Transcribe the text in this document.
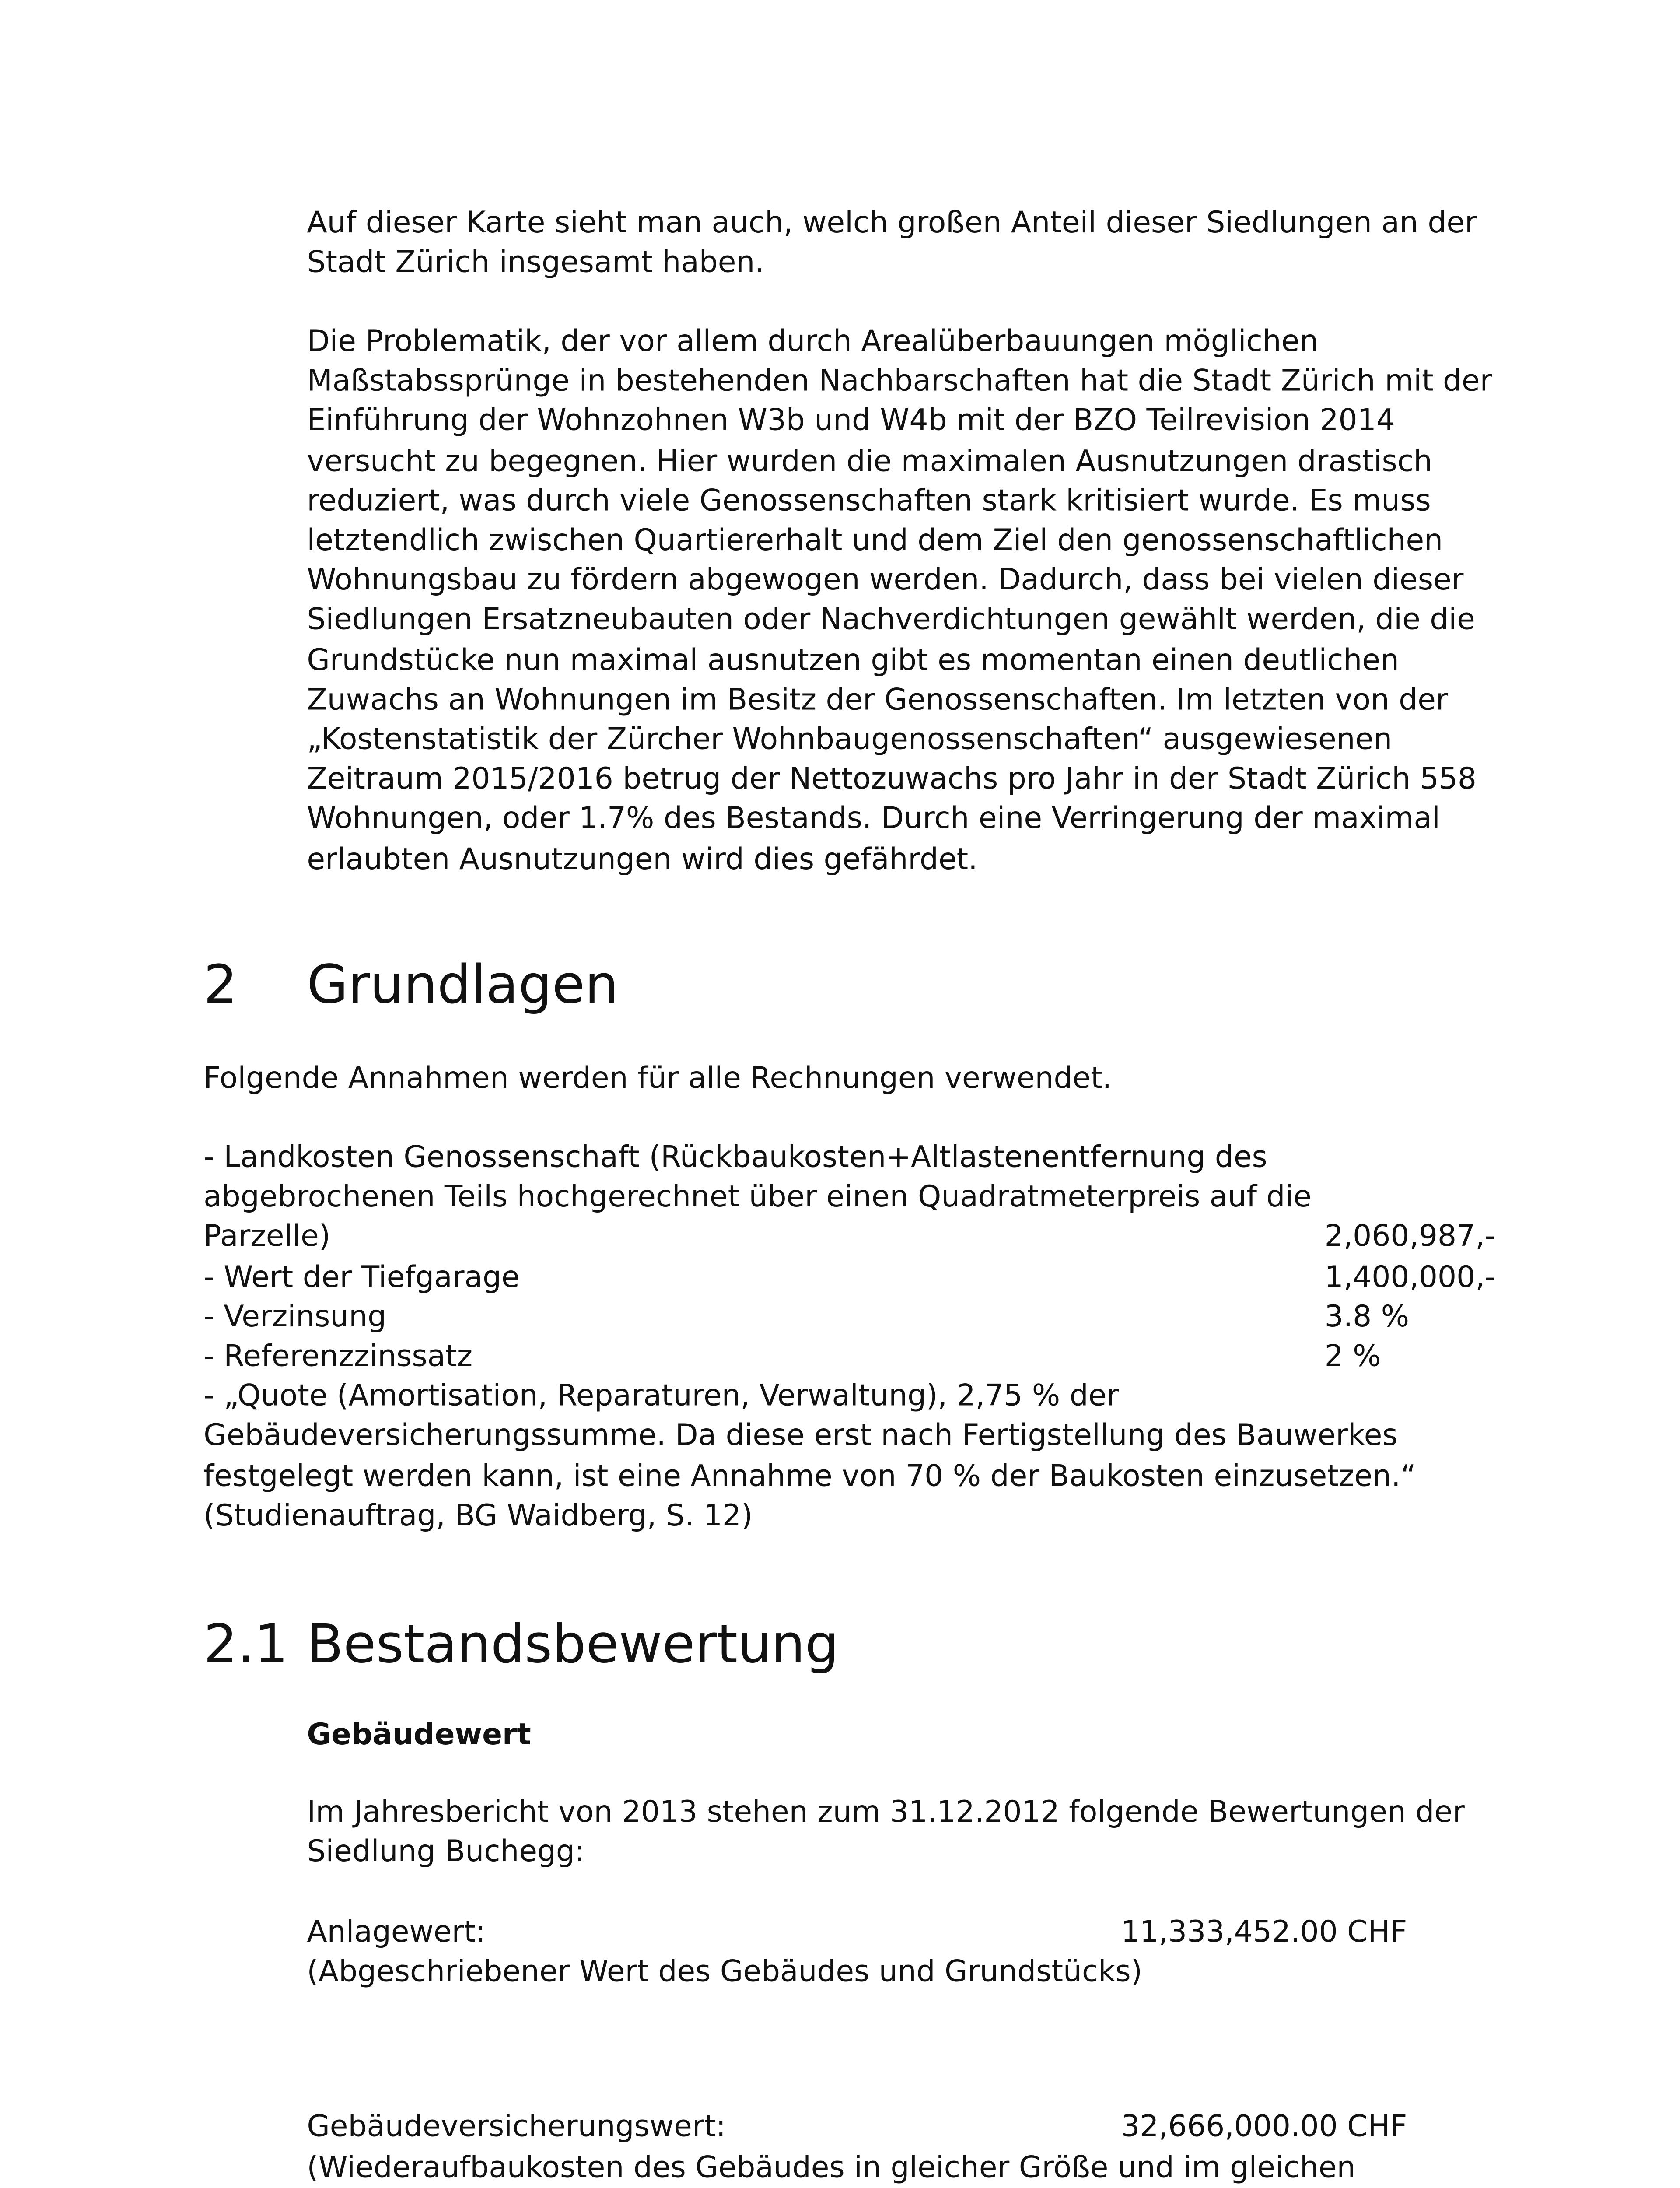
Auf dieser Karte sieht man auch, welch großen Anteil dieser Siedlungen an der Stadt Zürich insgesamt haben.

Die Problematik, der vor allem durch Arealüberbauungen möglichen Maßstabssprünge in bestehenden Nachbarschaften hat die Stadt Zürich mit der Einführung der Wohnzohnen W3b und W4b mit der BZO Teilrevision 2014 versucht zu begegnen. Hier wurden die maximalen Ausnutzungen drastisch reduziert, was durch viele Genossenschaften stark kritisiert wurde. Es muss letztendlich zwischen Quartiererhalt und dem Ziel den genossenschaftlichen Wohnungsbau zu fördern abgewogen werden. Dadurch, dass bei vielen dieser Siedlungen Ersatzneubauten oder Nachverdichtungen gewählt werden, die die Grundstücke nun maximal ausnutzen gibt es momentan einen deutlichen Zuwachs an Wohnungen im Besitz der Genossenschaften. Im letzten von der „Kostenstatistik der Zürcher Wohnbaugenossenschaften“ ausgewiesenen Zeitraum 2015/2016 betrug der Nettozuwachs pro Jahr in der Stadt Zürich 558 Wohnungen, oder 1.7% des Bestands. Durch eine Verringerung der maximal erlaubten Ausnutzungen wird dies gefährdet.

2	Grundlagen

Folgende Annahmen werden für alle Rechnungen verwendet.

- Landkosten Genossenschaft (Rückbaukosten+Altlastenentfernung des
abgebrochenen Teils hochgerechnet über einen Quadratmeterpreis auf die
Parzelle)	2,060,987,-
- Wert der Tiefgarage	1,400,000,-
- Verzinsung	3.8 %
- Referenzzinssatz	2 %

- „Quote (Amortisation, Reparaturen, Verwaltung), 2,75 % der Gebäudeversicherungssumme. Da diese erst nach Fertigstellung des Bauwerkes festgelegt werden kann, ist eine Annahme von 70 % der Baukosten einzusetzen.“ (Studienauftrag, BG Waidberg, S. 12)

2.1 Bestandsbewertung

Gebäudewert

Im Jahresbericht von 2013 stehen zum 31.12.2012 folgende Bewertungen der Siedlung Buchegg:

Anlagewert:	11,333,452.00 CHF
(Abgeschriebener Wert des Gebäudes und Grundstücks)
Gebäudeversicherungswert:	32,666,000.00 CHF
(Wiederaufbaukosten des Gebäudes in gleicher Größe und im gleichen
